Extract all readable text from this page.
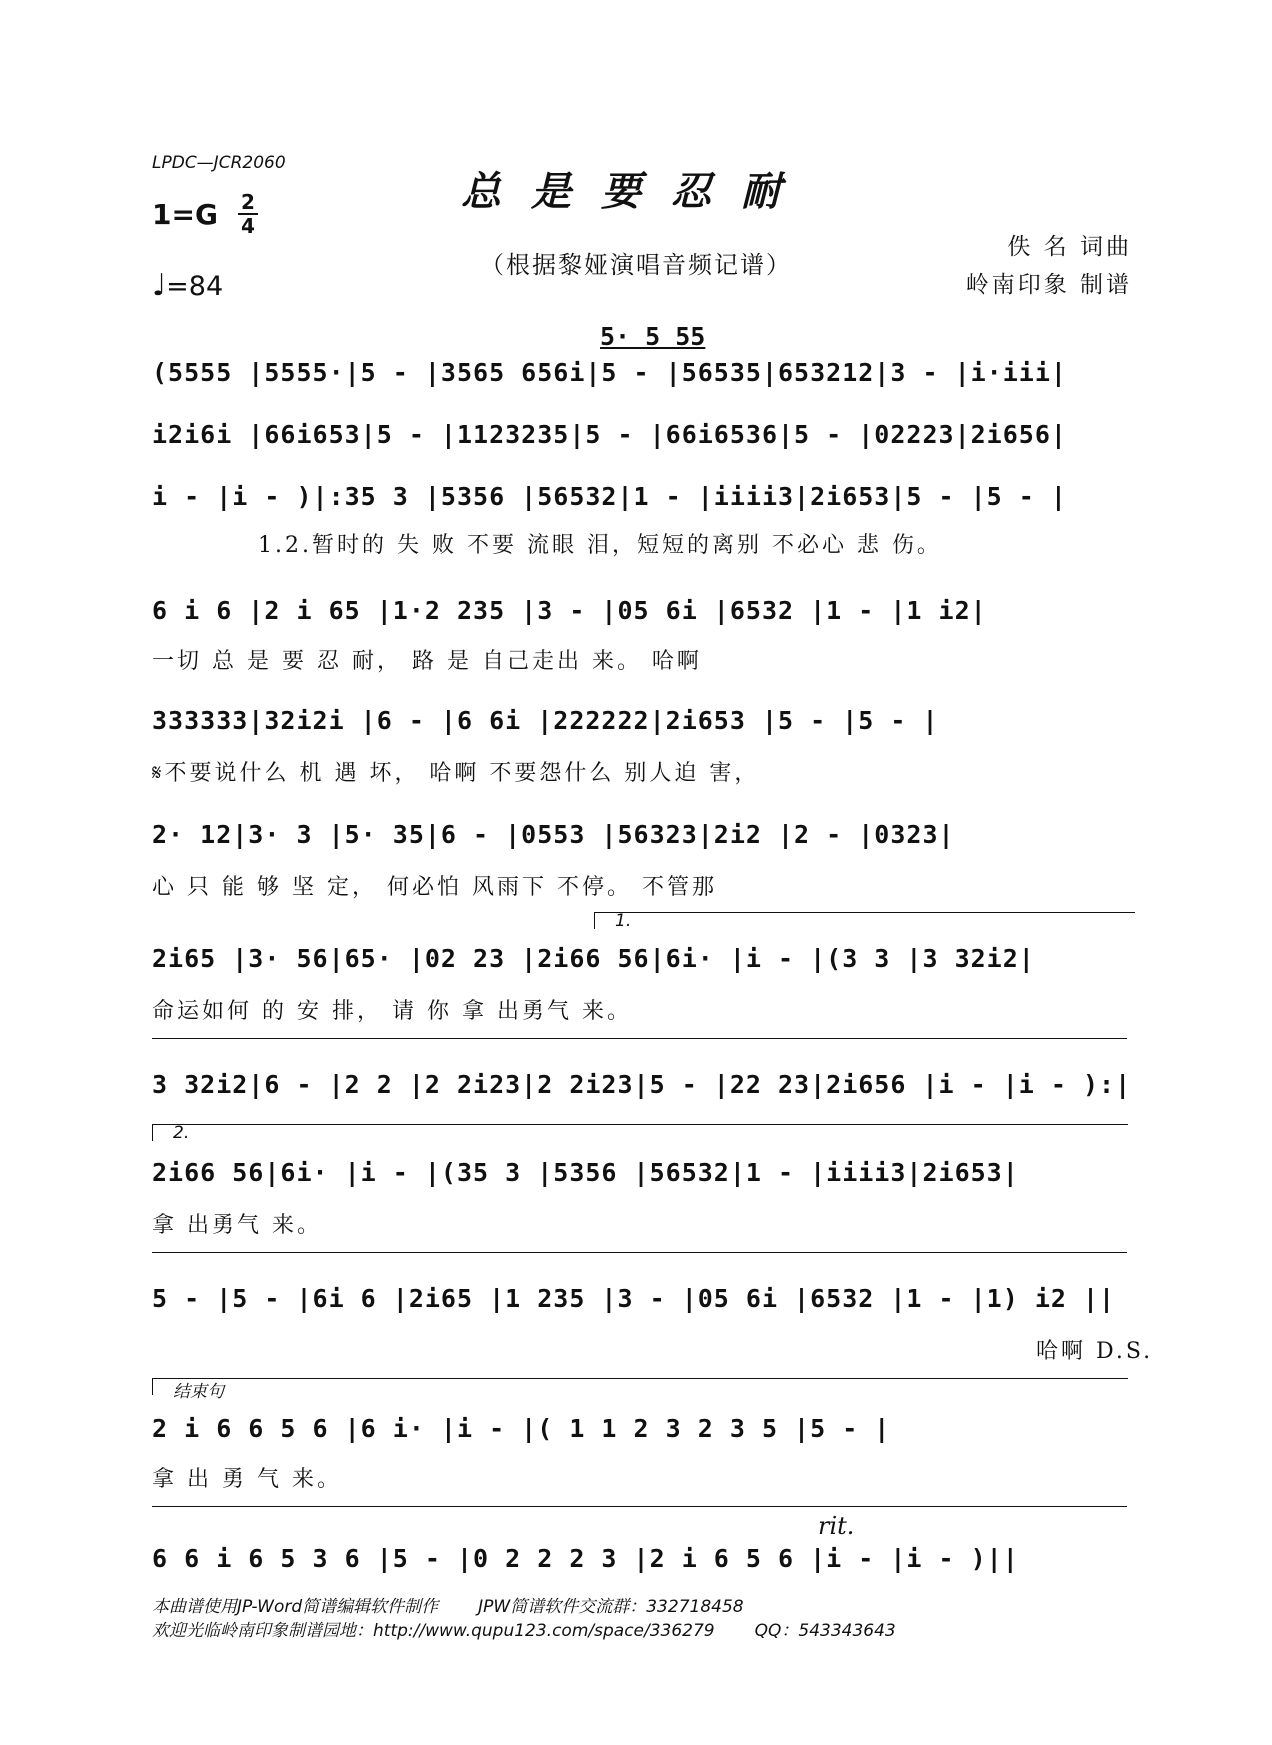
LPDC—JCR2060
总是要忍耐
1=G 2
4
♩=84
（根据黎娅演唱音频记谱）
佚 名 词曲
岭南印象 制谱
5· 5 55
(5555 |5555·|5 - |3565 656i|5 - |56535|653212|3 - |i·iii|
i2i6i |66i653|5 - |1123235|5 - |66i6536|5 - |02223|2i656|
i - |i - )|:35 3 |5356 |56532|1 - |iiii3|2i653|5 - |5 - |
1.2.暂时的 失 败 不要 流眼 泪，短短的离别 不必心 悲 伤。
6 i 6 |2 i 65 |1·2 235 |3 - |05 6i |6532 |1 - |1 i2|
一切 总 是 要 忍 耐， 路 是 自己走出 来。 哈啊
333333|32i2i |6 - |6 6i |222222|2i653 |5 - |5 - |
𝄋不要说什么 机 遇 坏， 哈啊 不要怨什么 别人迫 害，
2· 12|3· 3 |5· 35|6 - |0553 |56323|2i2 |2 - |0323|
心 只 能 够 坚 定， 何必怕 风雨下 不停。 不管那
1.
2i65 |3· 56|65· |02 23 |2i66 56|6i· |i - |(3 3 |3 32i2|
命运如何 的 安 排， 请 你 拿 出勇气 来。
3 32i2|6 - |2 2 |2 2i23|2 2i23|5 - |22 23|2i656 |i - |i - ):|
2.
2i66 56|6i· |i - |(35 3 |5356 |56532|1 - |iiii3|2i653|
拿 出勇气 来。
5 - |5 - |6i 6 |2i65 |1 235 |3 - |05 6i |6532 |1 - |1) i2 ||
哈啊 D.S.
结束句
2 i 6 6 5 6 |6 i· |i - |( 1 1 2 3 2 3 5 |5 - |
拿 出 勇 气 来。
rit.
6 6 i 6 5 3 6 |5 - |0 2 2 2 3 |2 i 6 5 6 |i - |i - )||
本曲谱使用JP-Word简谱编辑软件制作 JPW简谱软件交流群：332718458
欢迎光临岭南印象制谱园地：http://www.qupu123.com/space/336279 QQ：543343643
